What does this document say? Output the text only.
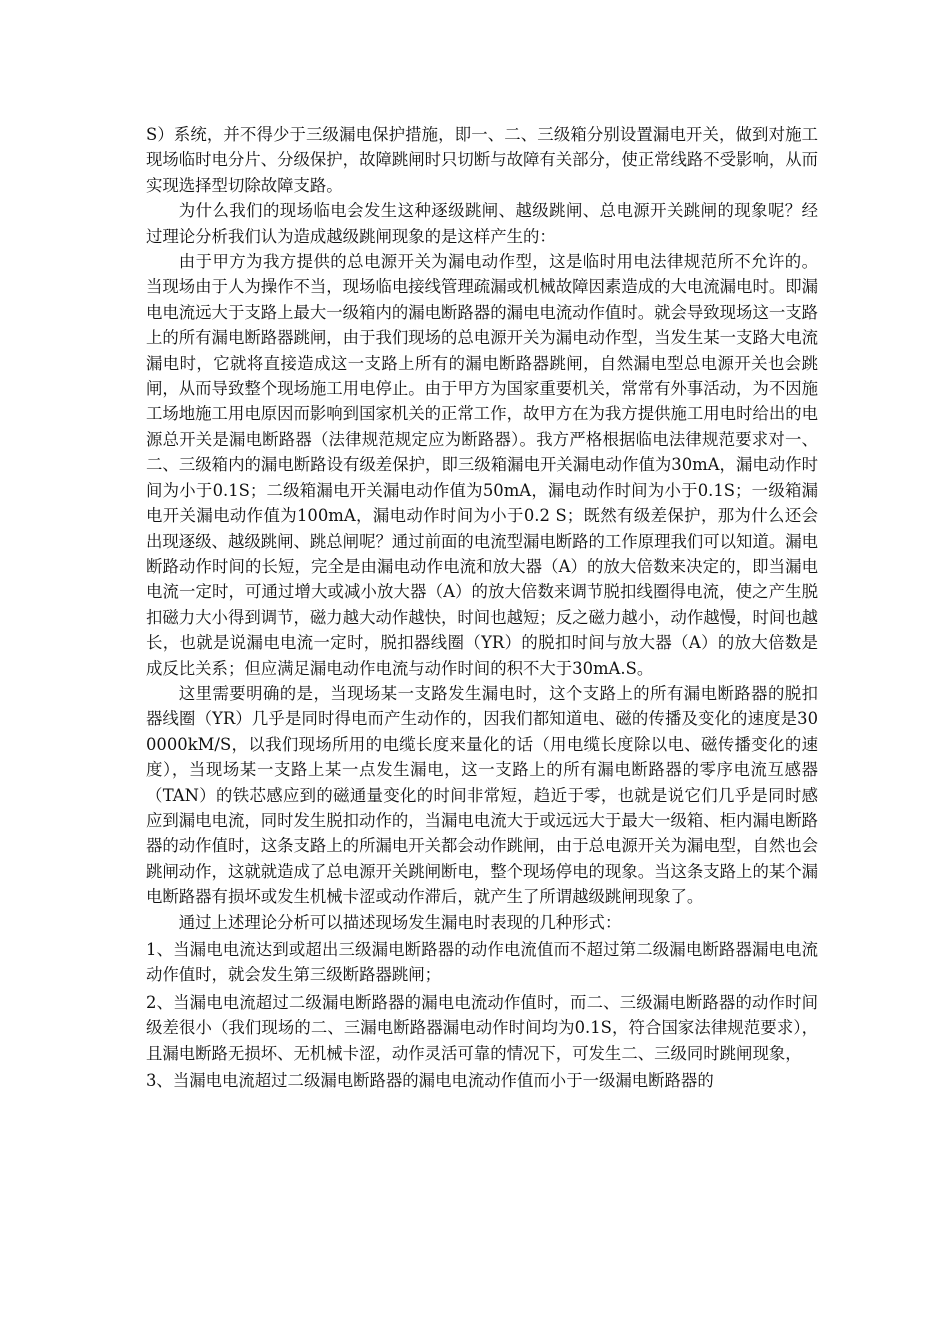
S）系统，并不得少于三级漏电保护措施，即一、二、三级箱分别设置漏电开关，做到对施工现场临时电分片、分级保护，故障跳闸时只切断与故障有关部分，使正常线路不受影响，从而实现选择型切除故障支路。

为什么我们的现场临电会发生这种逐级跳闸、越级跳闸、总电源开关跳闸的现象呢？经过理论分析我们认为造成越级跳闸现象的是这样产生的：

由于甲方为我方提供的总电源开关为漏电动作型，这是临时用电法律规范所不允许的。当现场由于人为操作不当，现场临电接线管理疏漏或机械故障因素造成的大电流漏电时。即漏电电流远大于支路上最大一级箱内的漏电断路器的漏电电流动作值时。就会导致现场这一支路上的所有漏电断路器跳闸，由于我们现场的总电源开关为漏电动作型，当发生某一支路大电流漏电时，它就将直接造成这一支路上所有的漏电断路器跳闸，自然漏电型总电源开关也会跳闸，从而导致整个现场施工用电停止。由于甲方为国家重要机关，常常有外事活动，为不因施工场地施工用电原因而影响到国家机关的正常工作，故甲方在为我方提供施工用电时给出的电源总开关是漏电断路器（法律规范规定应为断路器）。我方严格根据临电法律规范要求对一、二、三级箱内的漏电断路设有级差保护，即三级箱漏电开关漏电动作值为30mA，漏电动作时间为小于0.1S；二级箱漏电开关漏电动作值为50mA，漏电动作时间为小于0.1S；一级箱漏电开关漏电动作值为100mA，漏电动作时间为小于0.2 S；既然有级差保护，那为什么还会出现逐级、越级跳闸、跳总闸呢？通过前面的电流型漏电断路的工作原理我们可以知道。漏电断路动作时间的长短，完全是由漏电动作电流和放大器（A）的放大倍数来决定的，即当漏电电流一定时，可通过增大或减小放大器（A）的放大倍数来调节脱扣线圈得电流，使之产生脱扣磁力大小得到调节，磁力越大动作越快，时间也越短；反之磁力越小，动作越慢，时间也越长，也就是说漏电电流一定时，脱扣器线圈（YR）的脱扣时间与放大器（A）的放大倍数是成反比关系；但应满足漏电动作电流与动作时间的积不大于30mA.S。

这里需要明确的是，当现场某一支路发生漏电时，这个支路上的所有漏电断路器的脱扣器线圈（YR）几乎是同时得电而产生动作的，因我们都知道电、磁的传播及变化的速度是300000kM/S，以我们现场所用的电缆长度来量化的话（用电缆长度除以电、磁传播变化的速度），当现场某一支路上某一点发生漏电，这一支路上的所有漏电断路器的零序电流互感器（TAN）的铁芯感应到的磁通量变化的时间非常短，趋近于零，也就是说它们几乎是同时感应到漏电电流，同时发生脱扣动作的，当漏电电流大于或远远大于最大一级箱、柜内漏电断路器的动作值时，这条支路上的所漏电开关都会动作跳闸，由于总电源开关为漏电型，自然也会跳闸动作，这就就造成了总电源开关跳闸断电，整个现场停电的现象。当这条支路上的某个漏电断路器有损坏或发生机械卡涩或动作滞后，就产生了所谓越级跳闸现象了。

通过上述理论分析可以描述现场发生漏电时表现的几种形式：

1、当漏电电流达到或超出三级漏电断路器的动作电流值而不超过第二级漏电断路器漏电电流动作值时，就会发生第三级断路器跳闸；

2、当漏电电流超过二级漏电断路器的漏电电流动作值时，而二、三级漏电断路器的动作时间级差很小（我们现场的二、三漏电断路器漏电动作时间均为0.1S，符合国家法律规范要求），且漏电断路无损坏、无机械卡涩，动作灵活可靠的情况下，可发生二、三级同时跳闸现象，

3、当漏电电流超过二级漏电断路器的漏电电流动作值而小于一级漏电断路器的
